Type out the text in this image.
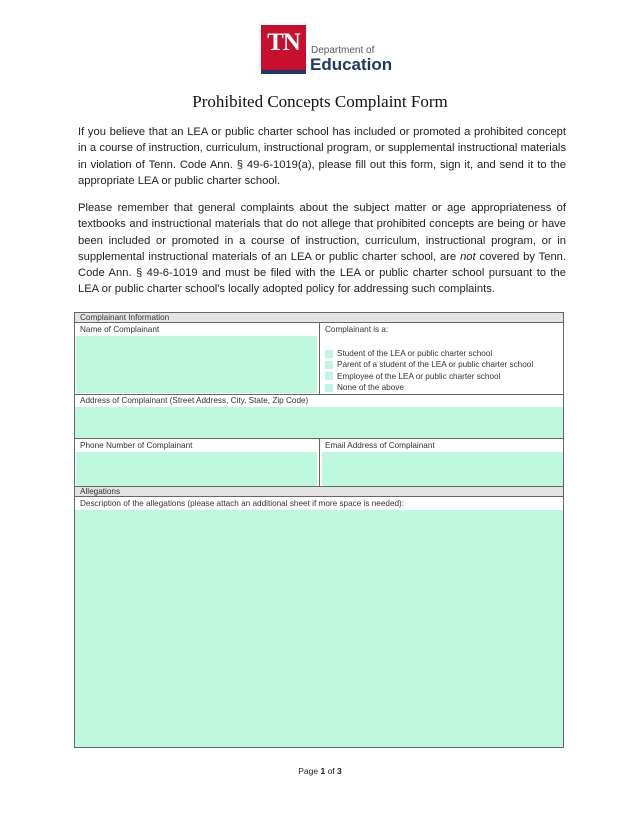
TN	Department of
Education
Prohibited Concepts Complaint Form

If you believe that an LEA or public charter school has included or promoted a prohibited concept in a course of instruction, curriculum, instructional program, or supplemental instructional materials in violation of Tenn. Code Ann. § 49-6-1019(a), please fill out this form, sign it, and send it to the appropriate LEA or public charter school.

Please remember that general complaints about the subject matter or age appropriateness of textbooks and instructional materials that do not allege that prohibited concepts are being or have been included or promoted in a course of instruction, curriculum, instructional program, or in supplemental instructional materials of an LEA or public charter school, are not covered by Tenn. Code Ann. § 49-6-1019 and must be filed with the LEA or public charter school pursuant to the LEA or public charter school's locally adopted policy for addressing such complaints.

Complainant Information
Name of Complainant	Complainant is a:
Student of the LEA or public charter school
Parent of a student of the LEA or public charter school
Employee of the LEA or public charter school
None of the above
Address of Complainant (Street Address, City, State, Zip Code)
Phone Number of Complainant	Email Address of Complainant
Allegations
Description of the allegations (please attach an additional sheet if more space is needed):
Page 1 of 3
